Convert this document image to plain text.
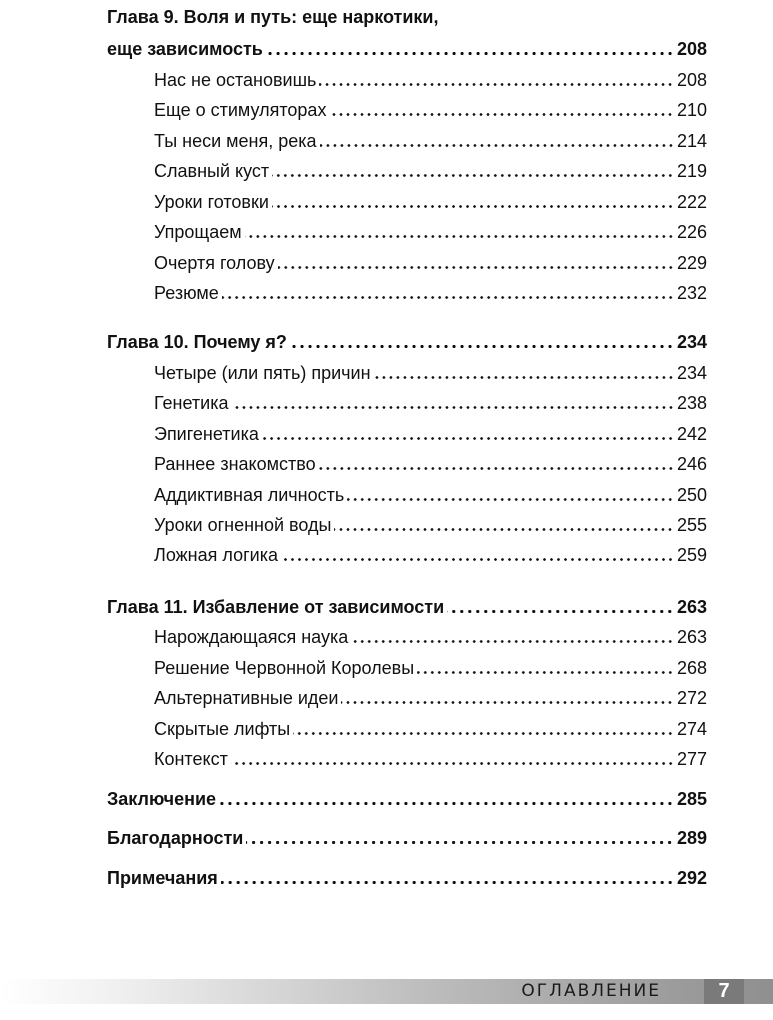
Глава 9. Воля и путь: еще наркотики,
еще зависимость	208
Нас не остановишь	208
Еще о стимуляторах	210
Ты неси меня, река	214
Славный куст	219
Уроки готовки	222
Упрощаем	226
Очертя голову	229
Резюме	232
Глава 10. Почему я?	234
Четыре (или пять) причин	234
Генетика	238
Эпигенетика	242
Раннее знакомство	246
Аддиктивная личность	250
Уроки огненной воды	255
Ложная логика	259
Глава 11. Избавление от зависимости	263
Нарождающаяся наука	263
Решение Червонной Королевы	268
Альтернативные идеи	272
Скрытые лифты	274
Контекст	277
Заключение	285
Благодарности	289
Примечания	292
ОГЛАВЛЕНИЕ	7
